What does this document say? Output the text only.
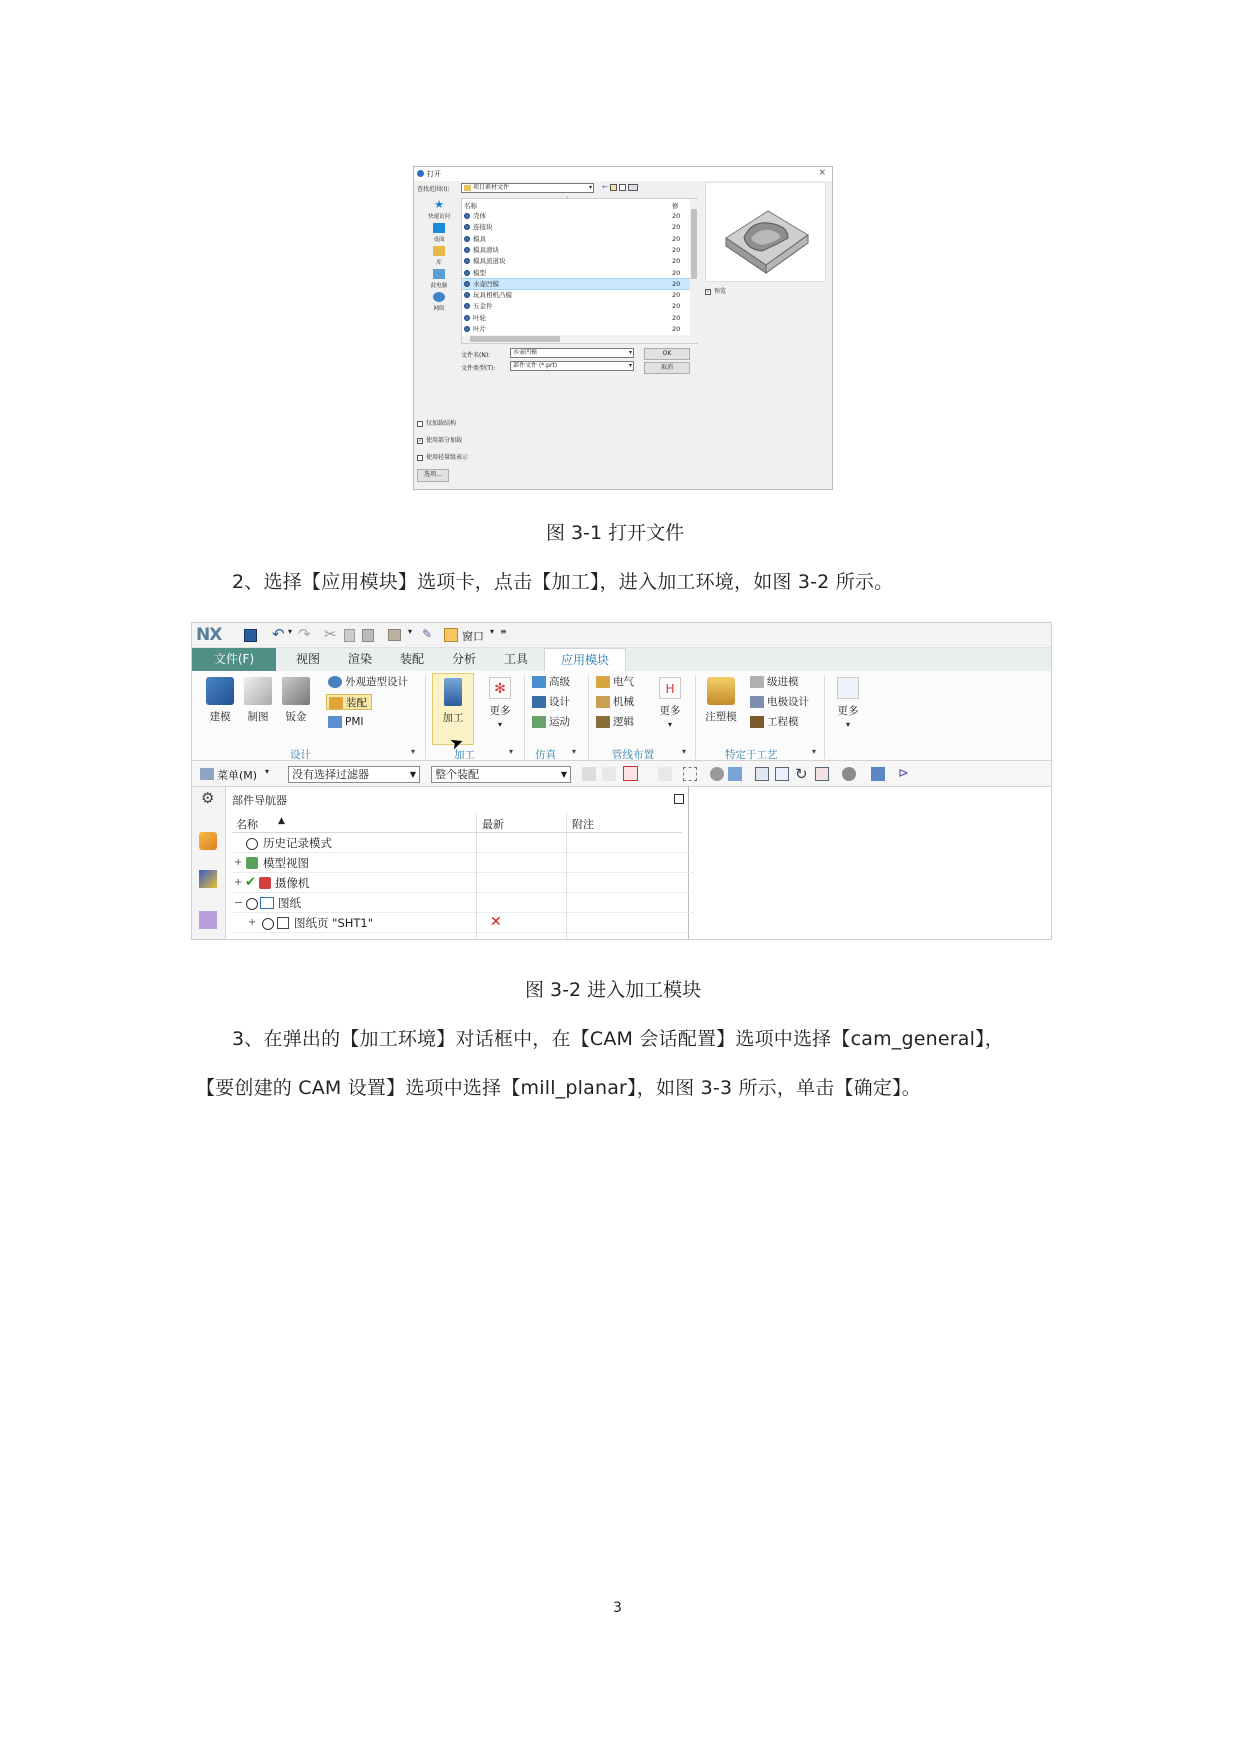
打开	×
查找范围(I):	项目素材文件	▾ ←
★
快速访问
桌面
库
此电脑
网络
名称
ˆ
修
壳体	20
连接块	20
模具	20
模具滑块	20
模具流道块	20
模型	20
水壶凹模	20
玩具相机凸模	20
五金件	20
叶轮	20
叶片	20
✓ 预览
文件名(N):	水壶凹模	▾
文件类型(T):	部件文件 (*.prt)	▾
OK
取消
仅加载结构
✓ 使用部分加载
使用轻量级表示
选项...
图 3-1 打开文件
2、选择【应用模块】选项卡，点击【加工】，进入加工环境，如图 3-2 所示。
NX	↶ ▾ ↷ ✂	▾ ✎	窗口 ▾ ≡
文件(F)	视图	渲染	装配	分析	工具	应用模块
建模	制图	钣金
外观造型设计
装配
PMI
设计	▾
加工
✻
更多
▾
加工	▾
高级
设计
运动
仿真 ▾
电气
机械
逻辑
H
更多
▾
管线布置	▾
注塑模
级进模
电极设计
工程模
特定于工艺	▾
更多
▾
➤
菜单(M) ▾	没有选择过滤器	▼	整个装配	▼	↻	⊳
⚙ 部件导航器
名称 ▲	最新	附注
历史记录模式
+ 模型视图
+ ✔ 摄像机
−	图纸
+	图纸页 "SHT1"	✕
图 3-2 进入加工模块
3、在弹出的【加工环境】对话框中，在【CAM 会话配置】选项中选择【cam_general】，
【要创建的 CAM 设置】选项中选择【mill_planar】，如图 3-3 所示，单击【确定】。
3
